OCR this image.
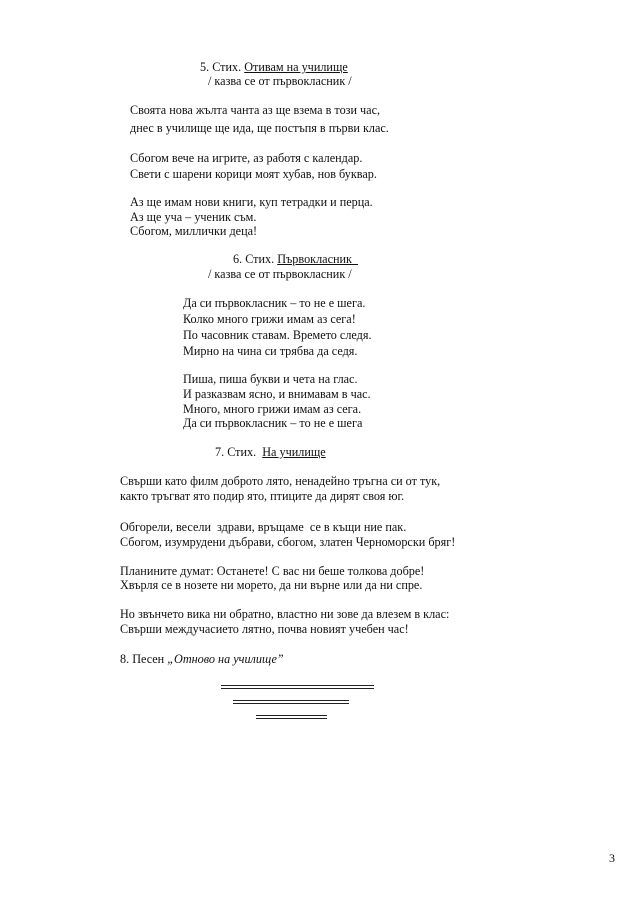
5. Стих. Отивам на училище
/ казва се от първокласник /
Своята нова жълта чанта аз ще взема в този час,
днес в училище ще ида, ще постъпя в първи клас.
Сбогом вече на игрите, аз работя с календар.
Свети с шарени корици моят хубав, нов буквар.
Аз ще имам нови книги, куп тетрадки и перца.
Аз ще уча – ученик съм.
Сбогом, миллички деца!
6. Стих. Първокласник
/ казва се от първокласник /
Да си първокласник – то не е шега.
Колко много грижи имам аз сега!
По часовник ставам. Времето следя.
Мирно на чина си трябва да седя.
Пиша, пиша букви и чета на глас.
И разказвам ясно, и внимавам в час.
Много, много грижи имам аз сега.
Да си първокласник – то не е шега
7. Стих.  На училище
Свърши като филм доброто лято, ненадейно тръгна си от тук,
както тръгват ято подир ято, птиците да дирят своя юг.
Обгорели, весели  здрави, връщаме  се в къщи ние пак.
Сбогом, изумрудени дъбрави, сбогом, златен Черноморски бряг!
Планините думат: Останете! С вас ни беше толкова добре!
Хвърля се в нозете ни морето, да ни върне или да ни спре.
Но звънчето вика ни обратно, властно ни зове да влезем в клас:
Свърши междучасието лятно, почва новият учебен час!
8. Песен „Отново на училище”
3
